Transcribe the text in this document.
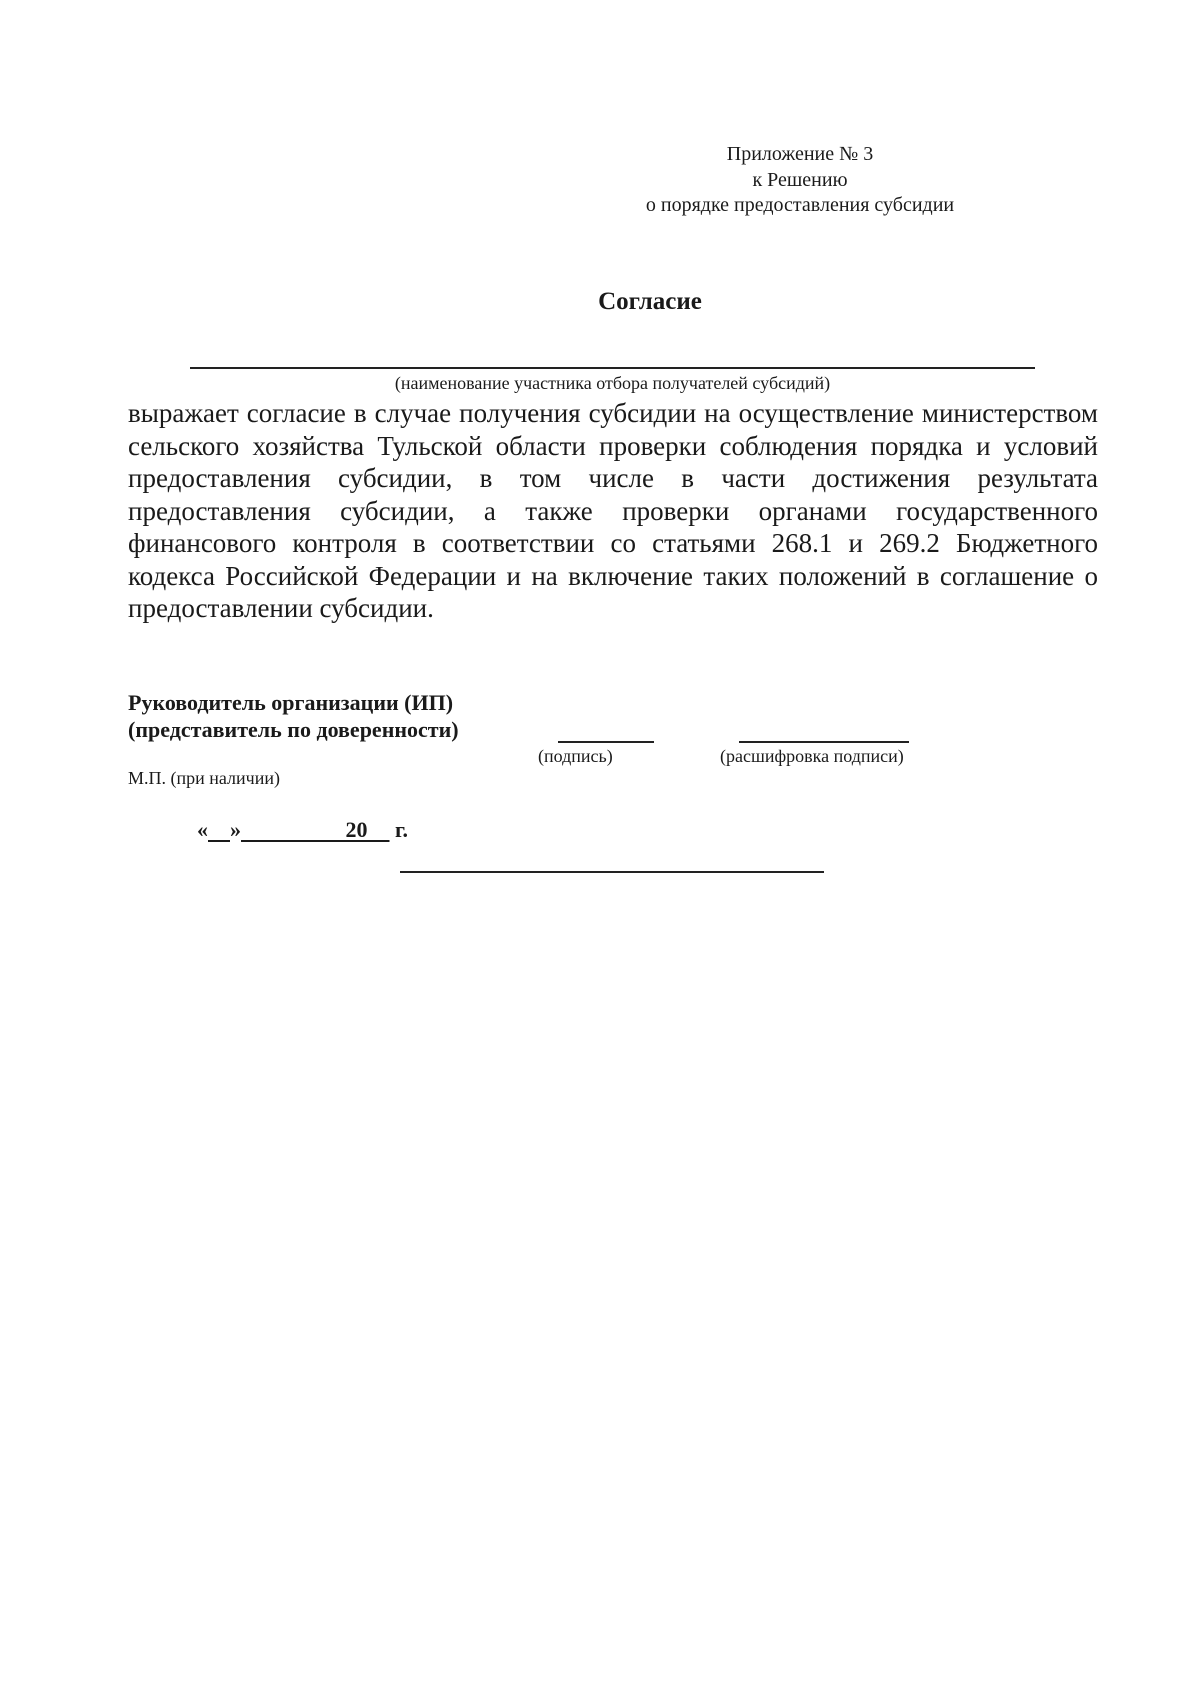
Приложение № 3
к Решению
о порядке предоставления субсидии
Согласие
(наименование участника отбора получателей субсидий)

выражает согласие в случае получения субсидии на осуществление министерством сельского хозяйства Тульской области проверки соблюдения порядка и условий предоставления субсидии, в том числе в части достижения результата предоставления субсидии, а также проверки органами государственного финансового контроля в соответствии со статьями 268.1 и 269.2 Бюджетного кодекса Российской Федерации и на включение таких положений в соглашение о предоставлении субсидии.

Руководитель организации (ИП)
(представитель по доверенности)
(подпись)	(расшифровка подписи)
М.П. (при наличии)
« »	20 г.
